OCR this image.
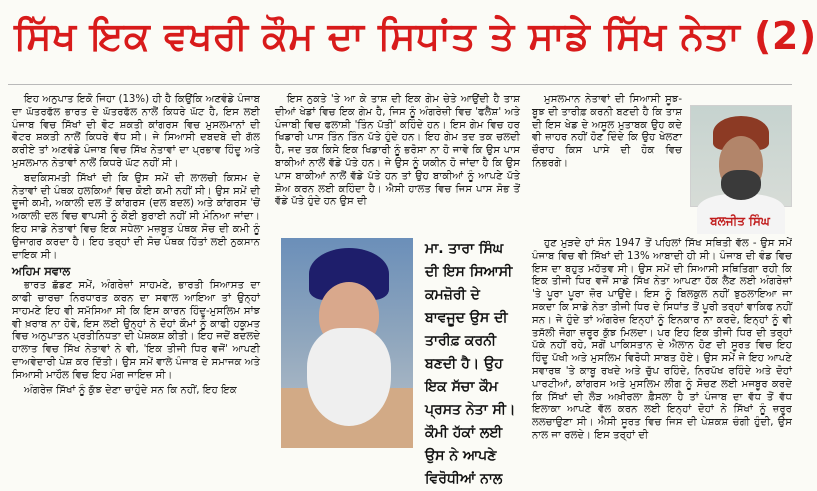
ਸਿੱਖ ਇਕ ਵਖਰੀ ਕੌਮ ਦਾ ਸਿਧਾਂਤ ਤੇ ਸਾਡੇ ਸਿੱਖ ਨੇਤਾ (2)

ਇਹ ਅਨੁਪਾਤ ਇਕੋ ਜਿਹਾ (13%) ਹੀ ਹੈ ਕਿਉਂਕਿ ਅਣਵੰਡੇ ਪੰਜਾਬ ਦਾ ਘੱਤਰਫੱਲ ਭਾਰਤ ਦੇ ਘੱਤਰਫੱਲ ਨਾਲੋਂ ਕਿਧਰੇ ਘੱਟ ਹੈ, ਇਸ ਲਈ ਪੰਜਾਬ ਵਿਚ ਸਿੱਖਾਂ ਦੀ ਵੋਟ ਸ਼ਕਤੀ ਕਾਂਗਰਸ ਵਿਚ ਮੁਸਲਮਾਨਾਂ ਦੀ ਵੋਟਰ ਸ਼ਕਤੀ ਨਾਲੋਂ ਕਿਧਰੇ ਵੱਧ ਸੀ। ਜੇ ਸਿਆਸੀ ਦਬਦਬੇ ਦੀ ਗੱਲ ਕਰੀਏ ਤਾਂ ਅਣਵੰਡੇ ਪੰਜਾਬ ਵਿਚ ਸਿੱਖ ਨੇਤਾਵਾਂ ਦਾ ਪ੍ਰਭਾਵ ਹਿੰਦੂ ਅਤੇ ਮੁਸਲਮਾਨ ਨੇਤਾਵਾਂ ਨਾਲੋਂ ਕਿਧਰੇ ਘੱਟ ਨਹੀਂ ਸੀ।

ਬਦਕਿਸਮਤੀ ਸਿੱਖਾਂ ਦੀ ਕਿ ਉਸ ਸਮੇਂ ਦੀ ਲਾਲਚੀ ਕਿਸਮ ਦੇ ਨੇਤਾਵਾਂ ਦੀ ਪੰਥਕ ਹਲਕਿਆਂ ਵਿਚ ਕੋਈ ਕਮੀ ਨਹੀਂ ਸੀ। ਉਸ ਸਮੇਂ ਦੀ ਦੂਜੀ ਕਮੀ, ਅਕਾਲੀ ਦਲ ਤੋਂ ਕਾਂਗਰਸ (ਦਲ ਬਦਲ) ਅਤੇ ਕਾਂਗਰਸ 'ਚੋਂ ਅਕਾਲੀ ਦਲ ਵਿਚ ਵਾਪਸੀ ਨੂੰ ਕੋਈ ਬੁਰਾਈ ਨਹੀਂ ਸੀ ਮੰਨਿਆ ਜਾਂਦਾ। ਇਹ ਸਾਡੇ ਨੇਤਾਵਾਂ ਵਿਚ ਇਕ ਸਧੇਲਾ ਮਜ਼ਬੂਤ ਪੰਥਕ ਸੋਚ ਦੀ ਕਮੀ ਨੂੰ ਉਜਾਗਰ ਕਰਦਾ ਹੈ। ਇਹ ਤਰ੍ਹਾਂ ਦੀ ਸੋਚ ਪੰਥਕ ਹਿੱਤਾਂ ਲਈ ਨੁਕਸਾਨ ਦਾਇਕ ਸੀ।

ਅਹਿਮ ਸਵਾਲ

ਭਾਰਤ ਛੱਡਣ ਸਮੇਂ, ਅੰਗਰੇਜ਼ਾਂ ਸਾਹਮਣੇ, ਭਾਰਤੀ ਸਿਆਸਤ ਦਾ ਕਾਫੀ ਚਾਰਚਾ ਨਿਰਧਾਰਤ ਕਰਨ ਦਾ ਸਵਾਲ ਆਇਆ ਤਾਂ ਉਨ੍ਹਾਂ ਸਾਹਮਣੇ ਇਹ ਵੀ ਸਮੱਸਿਆ ਸੀ ਕਿ ਇਸ ਕਾਰਨ ਹਿੰਦੂ-ਮੁਸਲਿਮ ਸਾਂਝ ਵੀ ਖ਼ਰਾਬ ਨਾ ਹੋਵੇ, ਇਸ ਲਈ ਉਨ੍ਹਾਂ ਨੇ ਦੋਹਾਂ ਕੌਮਾਂ ਨੂੰ ਕਾਫੀ ਹਕੂਮਤ ਵਿਚ ਅਨੁਪਾਤਨ ਪ੍ਰਤੀਨਿਧਤਾ ਦੀ ਪੇਸ਼ਕਸ਼ ਕੀਤੀ। ਇਹ ਜਦੋਂ ਬਦਲਦੇ ਹਾਲਾਤ ਵਿਚ ਸਿੱਖ ਨੇਤਾਵਾਂ ਨੇ ਵੀ, 'ਇਕ ਤੀਜੀ ਧਿਰ ਵਜੋਂ' ਆਪਣੀ ਦਾਅਵੇਦਾਰੀ ਪੇਸ਼ ਕਰ ਦਿੱਤੀ। ਉਸ ਸਮੇਂ ਵਾਲੇ ਪੰਜਾਬ ਦੇ ਸਮਾਜਕ ਅਤੇ ਸਿਆਸੀ ਮਾਹੌਲ ਵਿਚ ਇਹ ਮੰਗ ਜਾਇਜ਼ ਸੀ।

ਅੰਗਰੇਜ਼ ਸਿੱਖਾਂ ਨੂੰ ਕੁੱਝ ਦੇਣਾ ਚਾਹੁੰਦੇ ਸਨ ਕਿ ਨਹੀਂ, ਇਹ ਇਕ

ਇਸ ਨੁਕਤੇ 'ਤੇ ਆ ਕੇ ਤਾਸ਼ ਦੀ ਇਕ ਗੇਮ ਚੇਤੇ ਆਉਂਦੀ ਹੈ ਤਾਸ਼ ਦੀਆਂ ਖੇਡਾਂ ਵਿਚ ਇਕ ਗੇਮ ਹੈ, ਜਿਸ ਨੂੰ ਅੰਗਰੇਜ਼ੀ ਵਿਚ 'ਫਲੈਸ਼' ਅਤੇ ਪੰਜਾਬੀ ਵਿਚ ਫਲਾਸ਼ੀ 'ਤਿੰਨ ਪੱਤੀ' ਕਹਿੰਦੇ ਹਨ। ਇਸ ਗੇਮ ਵਿਚ ਹਰ ਖਿਡਾਰੀ ਪਾਸ ਤਿੰਨ ਤਿੰਨ ਪੱਤੇ ਹੁੰਦੇ ਹਨ। ਇਹ ਗੇਮ ਤਦ ਤਕ ਚਲਦੀ ਹੈ, ਜਦ ਤਕ ਕਿਸੇ ਇਕ ਖਿਡਾਰੀ ਨੂੰ ਭਰੋਸਾ ਨਾ ਹੋ ਜਾਵੇ ਕਿ ਉਸ ਪਾਸ ਬਾਕੀਆਂ ਨਾਲੋਂ ਵੱਡੇ ਪੱਤੇ ਹਨ। ਜੇ ਉਸ ਨੂੰ ਯਕੀਨ ਹੋ ਜਾਂਦਾ ਹੈ ਕਿ ਉਸ ਪਾਸ ਬਾਕੀਆਂ ਨਾਲੋਂ ਵੱਡੇ ਪੱਤੇ ਹਨ ਤਾਂ ਉਹ ਬਾਕੀਆਂ ਨੂੰ ਆਪਣੇ ਪੱਤੇ ਸ਼ੋਅ ਕਰਨ ਲਈ ਕਹਿੰਦਾ ਹੈ। ਐਸੀ ਹਾਲਤ ਵਿਚ ਜਿਸ ਪਾਸ ਸੋਭ ਤੋਂ ਵੱਡੇ ਪੱਤੇ ਹੁੰਦੇ ਹਨ ਉਸ ਦੀ

ਮਾ. ਤਾਰਾ ਸਿੰਘ ਦੀ ਇਸ ਸਿਆਸੀ ਕਮਜ਼ੋਰੀ ਦੇ ਬਾਵਜੂਦ ਉਸ ਦੀ ਤਾਰੀਫ਼ ਕਰਨੀ ਬਣਦੀ ਹੈ। ਉਹ ਇਕ ਸੱਚਾ ਕੌਮ ਪ੍ਰਸਤ ਨੇਤਾ ਸੀ। ਕੌਮੀ ਹੱਕਾਂ ਲਈ ਉਸ ਨੇ ਆਪਣੇ ਵਿਰੋਧੀਆਂ ਨਾਲ

ਮੁਸਲਮਾਨ ਨੇਤਾਵਾਂ ਦੀ ਸਿਆਸੀ ਸੂਝ-ਬੂਝ ਦੀ ਤਾਰੀਫ਼ ਕਰਨੀ ਬਣਦੀ ਹੈ ਕਿ ਤਾਸ਼ ਦੀ ਇਸ ਖੇਡ ਦੇ ਅਸੂਲ ਮੁਤਾਬਕ ਉਹ ਕਦੇ ਵੀ ਜ਼ਾਹਰ ਨਹੀਂ ਹੋਣ ਦਿੰਦੇ ਕਿ ਉਹ ਖੇਲਣਾ ਚੌਰਾਹ ਕਿਸ ਪਾਸੇ ਦੀ ਹੋਕ ਵਿਚ ਨਿਭਰਗੇ।

ਬਲਜੀਤ ਸਿੰਘ

ਹੁਣ ਮੁੜਦੇ ਹਾਂ ਸੰਨ 1947 ਤੋਂ ਪਹਿਲਾਂ ਸਿੱਖ ਸਥਿਤੀ ਵੱਲ - ਉਸ ਸਮੇਂ ਪੰਜਾਬ ਵਿਚ ਵੀ ਸਿੱਖਾਂ ਦੀ 13% ਆਬਾਦੀ ਹੀ ਸੀ। ਪੰਜਾਬ ਦੀ ਵੰਡ ਵਿਚ ਇਸ ਦਾ ਬਹੁਤ ਮਹੱਤਵ ਸੀ। ਉਸ ਸਮੇਂ ਦੀ ਸਿਆਸੀ ਸਥਿਤਿਗਾ ਰਹੀ ਕਿ ਇਕ ਤੀਜੀ ਧਿਰ ਵਜੋਂ ਸਾਡੇ ਸਿੱਖ ਨੇਤਾ ਆਪਣਾ ਹੱਕ ਲੈਣ ਲਈ ਅੰਗਰੇਜ਼ਾਂ 'ਤੇ ਪੂਰਾ ਪੂਰਾ ਜ਼ੋਰ ਪਾਉਂਦੇ। ਇਸ ਨੂੰ ਬਿਲਕੁਲ ਨਹੀਂ ਝੁਠਲਾਇਆ ਜਾ ਸਕਦਾ ਕਿ ਸਾਡੇ ਨੇਤਾ ਤੀਜੀ ਧਿਰ ਦੇ ਸਿਧਾਂਤ ਤੋਂ ਪੂਰੀ ਤਰ੍ਹਾਂ ਵਾਕਿਫ ਨਹੀਂ ਸਨ। ਜੇ ਹੁੰਦੇ ਤਾਂ ਅੰਗਰੇਜ਼ ਇਨ੍ਹਾਂ ਨੂੰ ਇਨਕਾਰ ਨਾ ਕਰਦੇ, ਇਨ੍ਹਾਂ ਨੂੰ ਵੀ ਤਸੱਲੀ ਜੋਗਾ ਜ਼ਰੂਰ ਕੁੱਝ ਮਿਲਦਾ। ਪਰ ਇਹ ਇਕ ਤੀਜੀ ਧਿਰ ਦੀ ਤਰ੍ਹਾਂ ਪੱਕੇ ਨਹੀਂ ਰਹੇ, ਸਗੋਂ ਪਾਕਿਸਤਾਨ ਦੇ ਐਲਾਨ ਹੋਣ ਦੀ ਸੂਰਤ ਵਿਚ ਇਹ ਹਿੰਦੂ ਪੱਖੀ ਅਤੇ ਮੁਸਲਿਮ ਵਿਰੋਧੀ ਸਾਬਤ ਹੋਏ। ਉਸ ਸਮੇਂ ਜੇ ਇਹ ਆਪਣੇ ਸਵਾਰਥ 'ਤੇ ਕਾਬੂ ਰਖਦੇ ਅਤੇ ਚੁੱਪ ਰਹਿੰਦੇ, ਨਿਰਪੱਖ ਰਹਿੰਦੇ ਅਤੇ ਦੋਹਾਂ ਪਾਰਟੀਆਂ, ਕਾਂਗਰਸ ਅਤੇ ਮੁਸਲਿਮ ਲੀਗ ਨੂੰ ਸੋਚਣ ਲਈ ਮਜਬੂਰ ਕਰਦੇ ਕਿ ਸਿੱਖਾਂ ਦੀ ਲੋੜ ਅਖ਼ੀਰਲਾ ਫ਼ੈਸਲਾ ਹੈ ਤਾਂ ਪੰਜਾਬ ਦਾ ਵੱਧ ਤੋਂ ਵੱਧ ਇਲਾਕਾ ਆਪਣੇ ਵੱਲ ਕਰਨ ਲਈ ਇਨ੍ਹਾਂ ਦੋਹਾਂ ਨੇ ਸਿੱਖਾਂ ਨੂੰ ਜ਼ਰੂਰ ਲਲਚਾਉਣਾ ਸੀ। ਐਸੀ ਸੂਰਤ ਵਿਚ ਜਿਸ ਦੀ ਪੇਸ਼ਕਸ਼ ਚੰਗੀ ਹੁੰਦੀ, ਉਸ ਨਾਲ ਜਾ ਰਲਦੇ। ਇਸ ਤਰ੍ਹਾਂ ਦੀ
